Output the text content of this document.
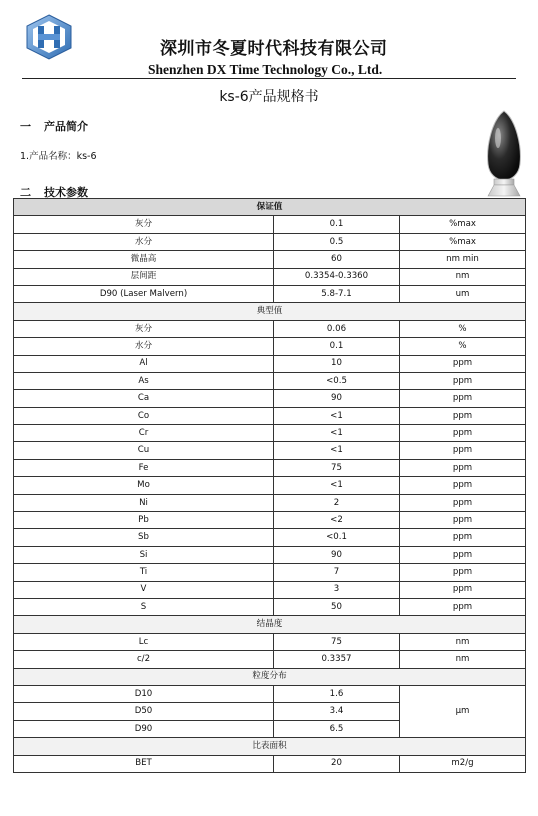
深圳市冬夏时代科技有限公司
Shenzhen DX Time Technology Co., Ltd.
ks-6产品规格书
一 产品简介
1.产品名称：ks-6
二 技术参数
保证值		
灰分	0.1	%max
水分	0.5	%max
微晶高	60	nm min
层间距	0.3354-0.3360	nm
D90 (Laser Malvern)	5.8-7.1	um
典型值		
灰分	0.06	%
水分	0.1	%
Al	10	ppm
As	<0.5	ppm
Ca	90	ppm
Co	<1	ppm
Cr	<1	ppm
Cu	<1	ppm
Fe	75	ppm
Mo	<1	ppm
Ni	2	ppm
Pb	<2	ppm
Sb	<0.1	ppm
Si	90	ppm
Ti	7	ppm
V	3	ppm
S	50	ppm
结晶度		
Lc	75	nm
c/2	0.3357	nm
粒度分布		
D10	1.6	μm
D50	3.4	
D90	6.5	
比表面积		
BET	20	m2/g
